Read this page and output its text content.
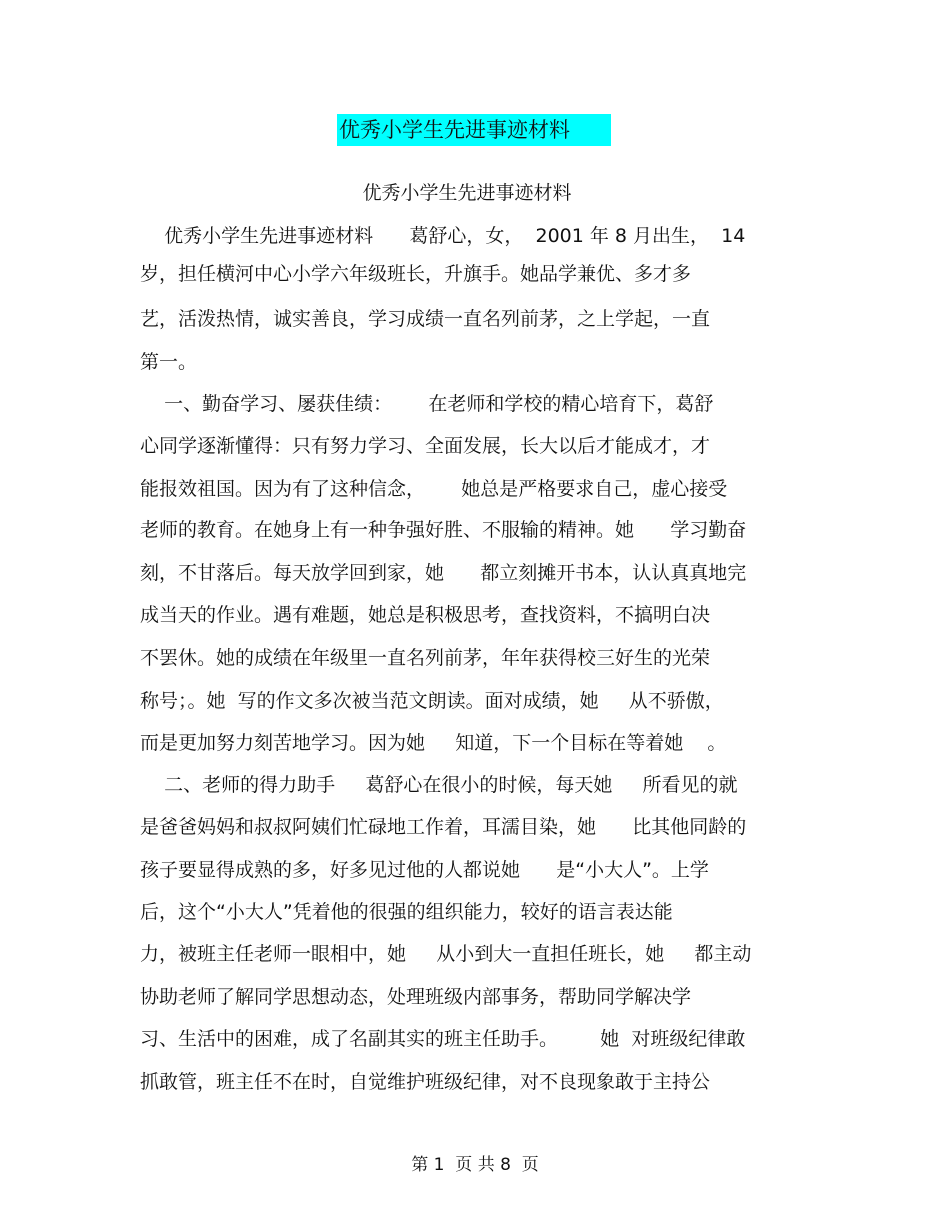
优秀小学生先进事迹材料
优秀小学生先进事迹材料
优秀小学生先进事迹材料      葛舒心，女，  2001 年 8 月出生，  14
岁，担任横河中心小学六年级班长，升旗手。她品学兼优、多才多
艺，活泼热情，诚实善良，学习成绩一直名列前茅，之上学起，一直
第一。
一、勤奋学习、屡获佳绩：      在老师和学校的精心培育下，葛舒
心同学逐渐懂得：只有努力学习、全面发展，长大以后才能成才，才
能报效祖国。因为有了这种信念，      她总是严格要求自己，虚心接受
老师的教育。在她身上有一种争强好胜、不服输的精神。她      学习勤奋
刻，不甘落后。每天放学回到家，她      都立刻摊开书本，认认真真地完
成当天的作业。遇有难题，她总是积极思考，查找资料，不搞明白决
不罢休。她的成绩在年级里一直名列前茅，年年获得校三好生的光荣
称号；。她  写的作文多次被当范文朗读。面对成绩，她     从不骄傲，
而是更加努力刻苦地学习。因为她     知道，下一个目标在等着她    。
二、老师的得力助手     葛舒心在很小的时候，每天她     所看见的就
是爸爸妈妈和叔叔阿姨们忙碌地工作着，耳濡目染，她      比其他同龄的
孩子要显得成熟的多，好多见过他的人都说她      是“小大人”。上学
后，这个“小大人”凭着他的很强的组织能力，较好的语言表达能
力，被班主任老师一眼相中，她     从小到大一直担任班长，她     都主动
协助老师了解同学思想动态，处理班级内部事务，帮助同学解决学
习、生活中的困难，成了名副其实的班主任助手。       她  对班级纪律敢
抓敢管，班主任不在时，自觉维护班级纪律，对不良现象敢于主持公
第 1  页 共 8  页
